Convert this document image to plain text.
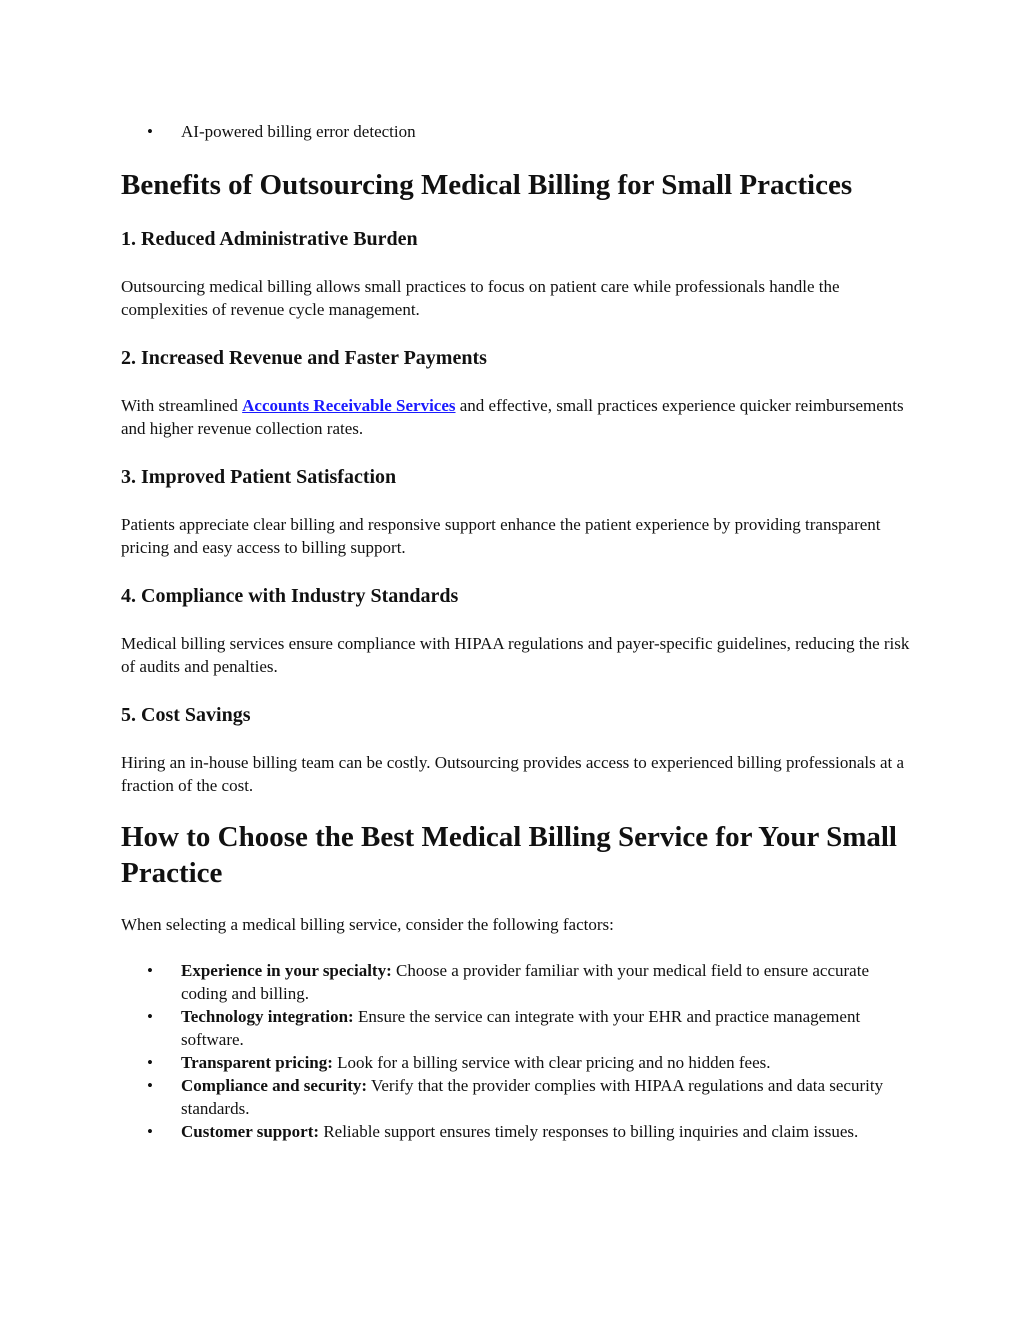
• AI-powered billing error detection
Benefits of Outsourcing Medical Billing for Small Practices
1. Reduced Administrative Burden

Outsourcing medical billing allows small practices to focus on patient care while professionals handle the complexities of revenue cycle management.

2. Increased Revenue and Faster Payments

With streamlined Accounts Receivable Services and effective, small practices experience quicker reimbursements and higher revenue collection rates.

3. Improved Patient Satisfaction

Patients appreciate clear billing and responsive support enhance the patient experience by providing transparent pricing and easy access to billing support.

4. Compliance with Industry Standards

Medical billing services ensure compliance with HIPAA regulations and payer-specific guidelines, reducing the risk of audits and penalties.

5. Cost Savings

Hiring an in-house billing team can be costly. Outsourcing provides access to experienced billing professionals at a fraction of the cost.

How to Choose the Best Medical Billing Service for Your Small Practice

When selecting a medical billing service, consider the following factors:

• Experience in your specialty: Choose a provider familiar with your medical field to ensure accurate coding and billing.
• Technology integration: Ensure the service can integrate with your EHR and practice management software.
• Transparent pricing: Look for a billing service with clear pricing and no hidden fees.
• Compliance and security: Verify that the provider complies with HIPAA regulations and data security standards.
• Customer support: Reliable support ensures timely responses to billing inquiries and claim issues.
